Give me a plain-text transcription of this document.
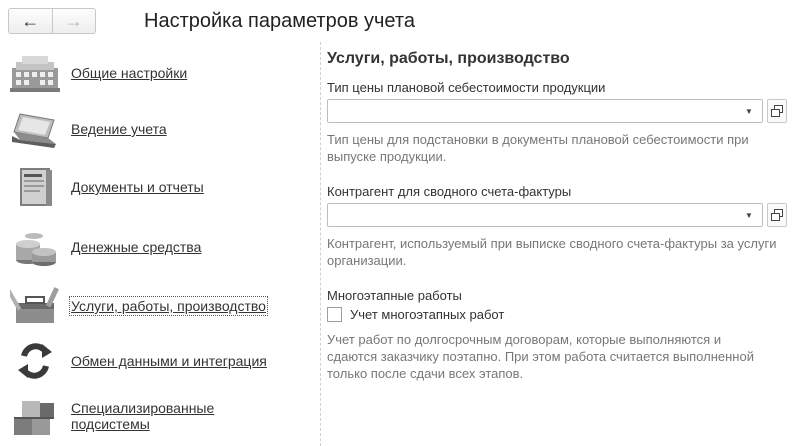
← →	Настройка параметров учета
Общие настройки
Ведение учета
Документы и отчеты
Денежные средства
Услуги, работы, производство
Обмен данными и интеграция
Специализированные подсистемы
Услуги, работы, производство
Тип цены плановой себестоимости продукции
▼
Тип цены для подстановки в документы плановой себестоимости при выпуске продукции.
Контрагент для сводного счета-фактуры
▼
Контрагент, используемый при выписке сводного счета-фактуры за услуги организации.
Многоэтапные работы
Учет многоэтапных работ
Учет работ по долгосрочным договорам, которые выполняются и сдаются заказчику поэтапно. При этом работа считается выполненной только после сдачи всех этапов.
